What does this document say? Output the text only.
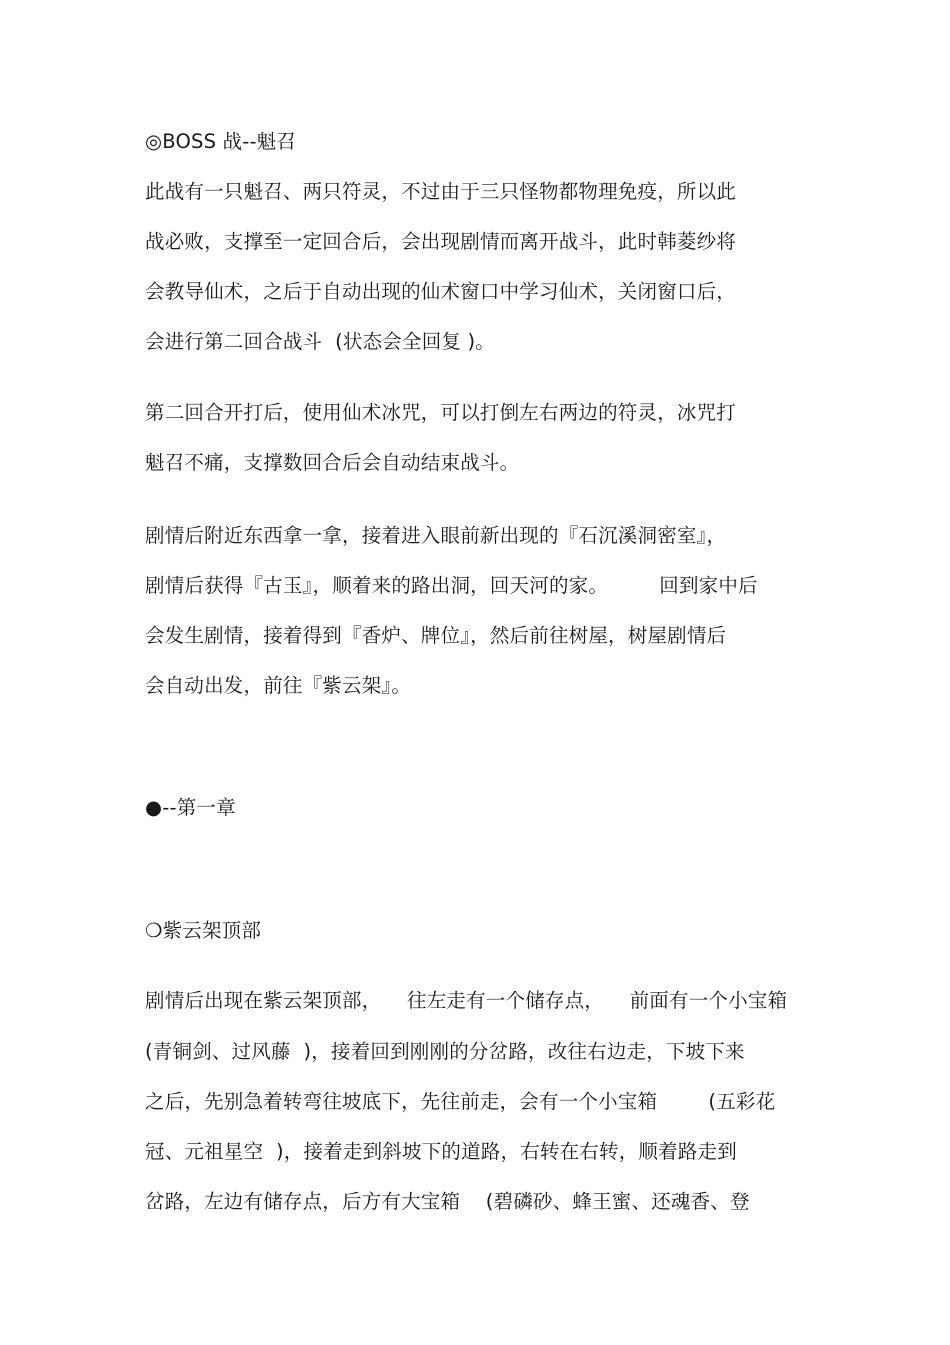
◎BOSS 战--魁召
此战有一只魁召、两只符灵，不过由于三只怪物都物理免疫，所以此
战必败，支撑至一定回合后，会出现剧情而离开战斗，此时韩菱纱将
会教导仙术，之后于自动出现的仙术窗口中学习仙术，关闭窗口后，
会进行第二回合战斗  (状态会全回复 )。
第二回合开打后，使用仙术冰咒，可以打倒左右两边的符灵，冰咒打
魁召不痛，支撑数回合后会自动结束战斗。
剧情后附近东西拿一拿，接着进入眼前新出现的『石沉溪洞密室』，
剧情后获得『古玉』，顺着来的路出洞，回天河的家。        回到家中后
会发生剧情，接着得到『香炉、牌位』，然后前往树屋，树屋剧情后
会自动出发，前往『紫云架』。
●--第一章
❍紫云架顶部
剧情后出现在紫云架顶部，    往左走有一个储存点，    前面有一个小宝箱
(青铜剑、过风藤  )，接着回到刚刚的分岔路，改往右边走，下坡下来
之后，先别急着转弯往坡底下，先往前走，会有一个小宝箱        (五彩花
冠、元祖星空  )，接着走到斜坡下的道路，右转在右转，顺着路走到
岔路，左边有储存点，后方有大宝箱    (碧磷砂、蜂王蜜、还魂香、登
